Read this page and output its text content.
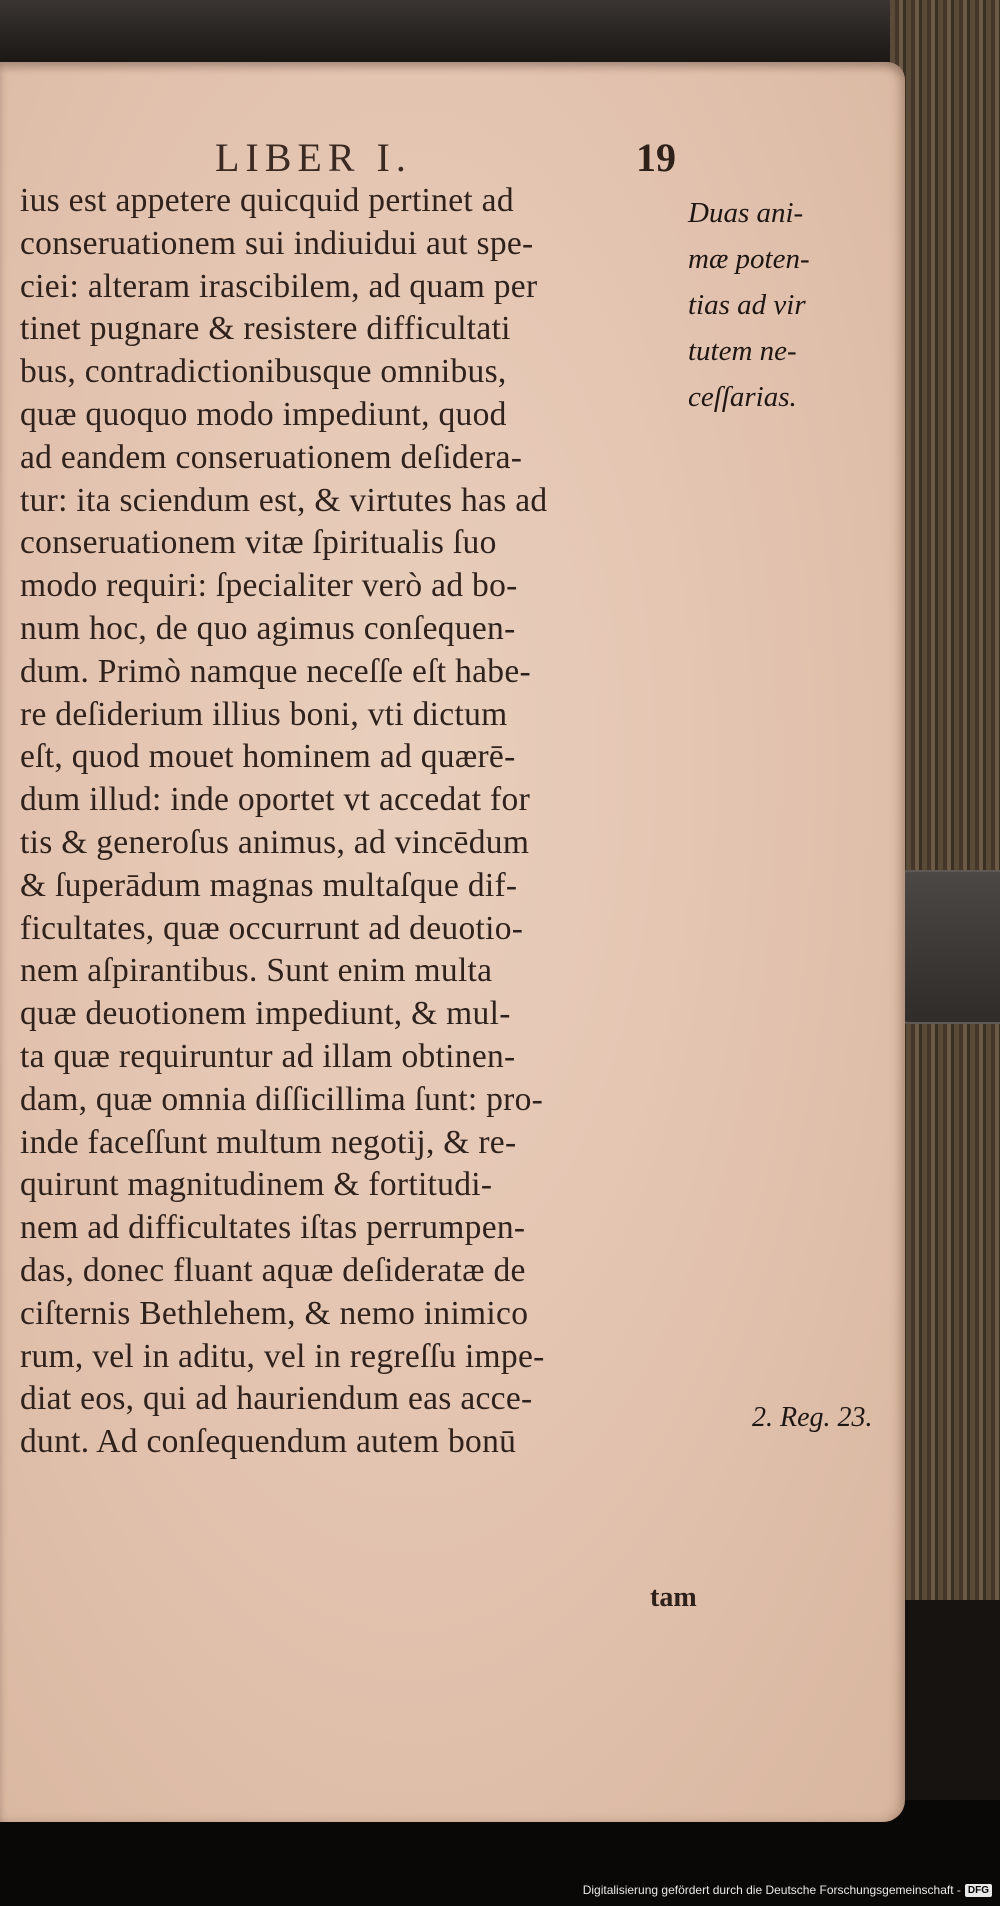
LIBER I.	19
ius est appetere quicquid pertinet ad
conseruationem sui indiuidui aut spe-
ciei: alteram irascibilem, ad quam per
tinet pugnare & resistere difficultati
bus, contradictionibusque omnibus,
quæ quoquo modo impediunt, quod
ad eandem conseruationem deſidera-
tur: ita sciendum est, & virtutes has ad
conseruationem vitæ ſpiritualis ſuo
modo requiri: ſpecialiter verò ad bo-
num hoc, de quo agimus conſequen-
dum. Primò namque neceſſe eſt habe-
re deſiderium illius boni, vti dictum
eſt, quod mouet hominem ad quærē-
dum illud: inde oportet vt accedat for
tis & generoſus animus, ad vincēdum
& ſuperādum magnas multaſque dif-
ficultates, quæ occurrunt ad deuotio-
nem aſpirantibus. Sunt enim multa
quæ deuotionem impediunt, & mul-
ta quæ requiruntur ad illam obtinen-
dam, quæ omnia diſſicillima ſunt: pro-
inde faceſſunt multum negotij, & re-
quirunt magnitudinem & fortitudi-
nem ad difficultates iſtas perrumpen-
das, donec fluant aquæ deſideratæ de
ciſternis Bethlehem, & nemo inimico
rum, vel in aditu, vel in regreſſu impe-
diat eos, qui ad hauriendum eas acce-
dunt. Ad conſequendum autem bonū
tam
Duas ani-
mæ poten-
tias ad vir
tutem ne-
ceſſarias.
2. Reg. 23.
Digitalisierung gefördert durch die Deutsche Forschungsgemeinschaft - DFG
